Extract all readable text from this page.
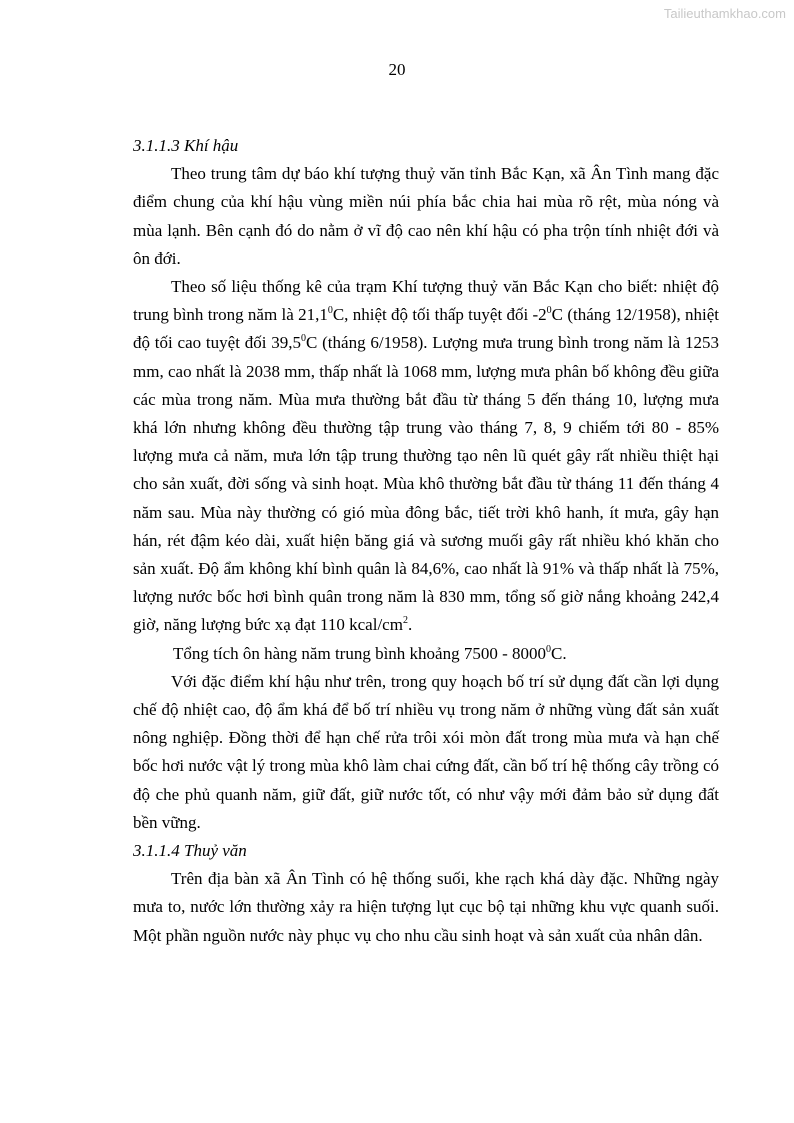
Tailieuthamkhao.com
20

3.1.1.3 Khí hậu

Theo trung tâm dự báo khí tượng thuỷ văn tỉnh Bắc Kạn, xã Ân Tình mang đặc điểm chung của khí hậu vùng miền núi phía bắc chia hai mùa rõ rệt, mùa nóng và mùa lạnh. Bên cạnh đó do nằm ở vĩ độ cao nên khí hậu có pha trộn tính nhiệt đới và ôn đới.

Theo số liệu thống kê của trạm Khí tượng thuỷ văn Bắc Kạn cho biết: nhiệt độ trung bình trong năm là 21,1$^0$C, nhiệt độ tối thấp tuyệt đối $-2^0C$ (tháng 12/1958), nhiệt độ tối cao tuyệt đối 39,5$^0$C (tháng 6/1958). Lượng mưa trung bình trong năm là 1253 mm, cao nhất là 2038 mm, thấp nhất là 1068 mm, lượng mưa phân bố không đều giữa các mùa trong năm. Mùa mưa thường bắt đầu từ tháng 5 đến tháng 10, lượng mưa khá lớn nhưng không đều thường tập trung vào tháng 7, 8, 9 chiếm tới 80 - 85% lượng mưa cả năm, mưa lớn tập trung thường tạo nên lũ quét gây rất nhiều thiệt hại cho sản xuất, đời sống và sinh hoạt. Mùa khô thường bắt đầu từ tháng 11 đến tháng 4 năm sau. Mùa này thường có gió mùa đông bắc, tiết trời khô hanh, ít mưa, gây hạn hán, rét đậm kéo dài, xuất hiện băng giá và sương muối gây rất nhiều khó khăn cho sản xuất. Độ ẩm không khí bình quân là 84,6%, cao nhất là 91% và thấp nhất là 75%, lượng nước bốc hơi bình quân trong năm là 830 mm, tổng số giờ nắng khoảng 242,4 giờ, năng lượng bức xạ đạt 110 kcal/$cm^2$.

Tổng tích ôn hàng năm trung bình khoảng 7500 - 8000$^0$C.

Với đặc điểm khí hậu như trên, trong quy hoạch bố trí sử dụng đất cần lợi dụng chế độ nhiệt cao, độ ẩm khá để bố trí nhiều vụ trong năm ở những vùng đất sản xuất nông nghiệp. Đồng thời để hạn chế rửa trôi xói mòn đất trong mùa mưa và hạn chế bốc hơi nước vật lý trong mùa khô làm chai cứng đất, cần bố trí hệ thống cây trồng có độ che phủ quanh năm, giữ đất, giữ nước tốt, có như vậy mới đảm bảo sử dụng đất bền vững.

3.1.1.4 Thuỷ văn

Trên địa bàn xã Ân Tình có hệ thống suối, khe rạch khá dày đặc. Những ngày mưa to, nước lớn thường xảy ra hiện tượng lụt cục bộ tại những khu vực quanh suối. Một phần nguồn nước này phục vụ cho nhu cầu sinh hoạt và sản xuất của nhân dân.
